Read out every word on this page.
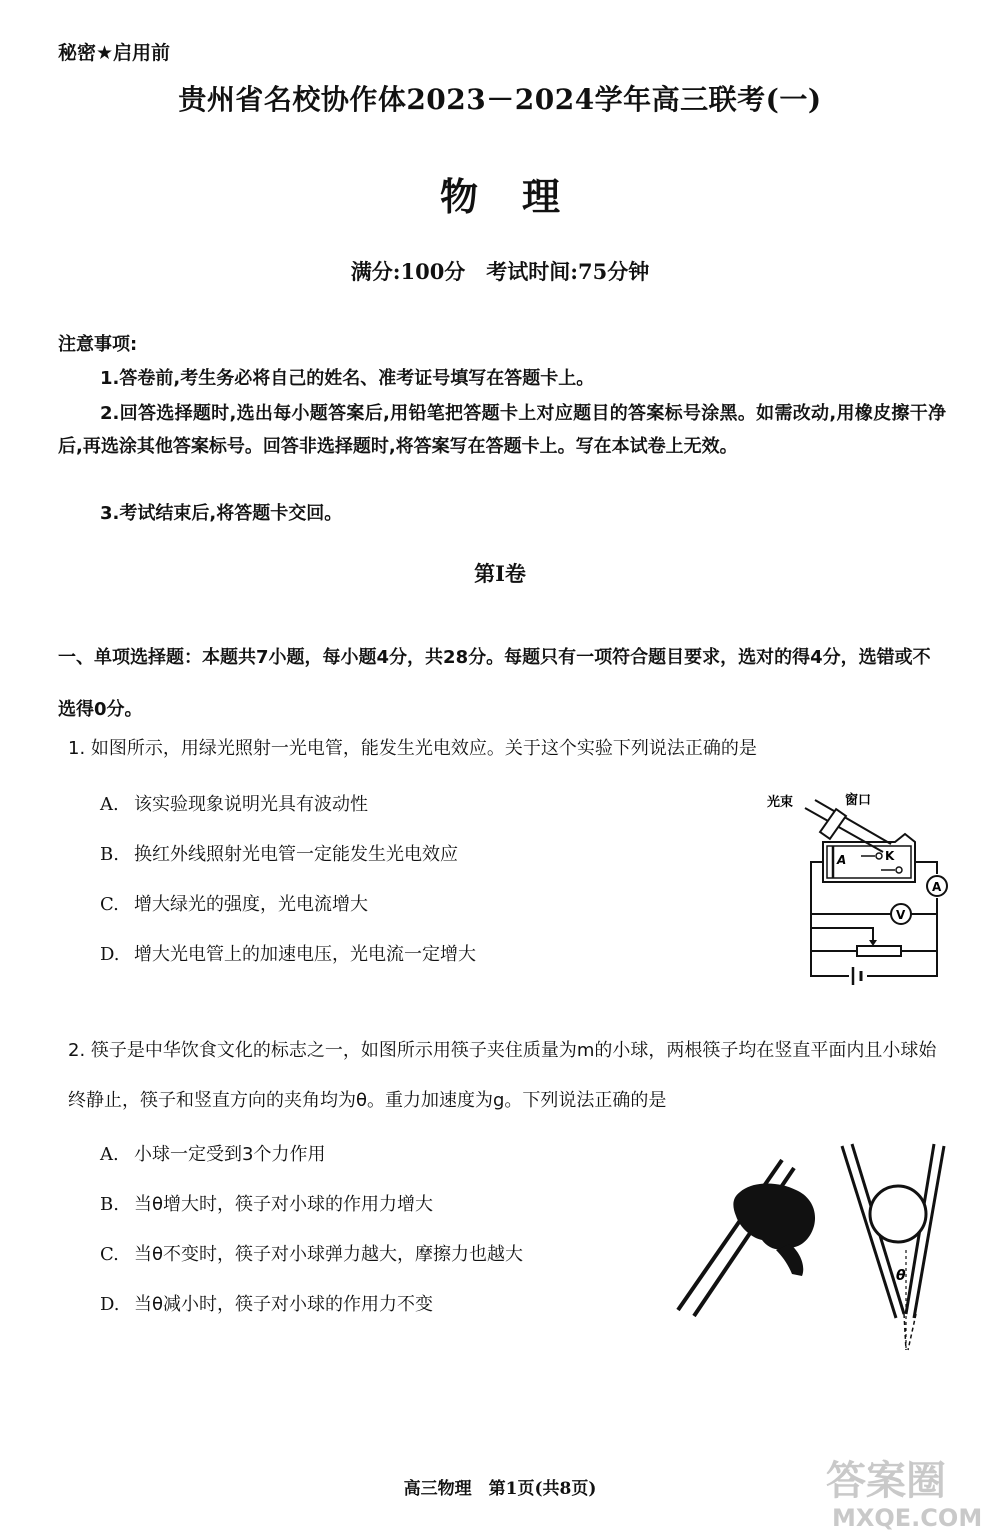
秘密★启用前
贵州省名校协作体2023－2024学年高三联考(一)
物理
满分:100分　考试时间:75分钟
注意事项:
1.答卷前,考生务必将自己的姓名、准考证号填写在答题卡上。
2.回答选择题时,选出每小题答案后,用铅笔把答题卡上对应题目的答案标号涂黑。如需改动,用橡皮擦干净后,再选涂其他答案标号。回答非选择题时,将答案写在答题卡上。写在本试卷上无效。
3.考试结束后,将答题卡交回。
第Ⅰ卷
一、单项选择题：本题共7小题，每小题4分，共28分。每题只有一项符合题目要求，选对的得4分，选错或不选得0分。
1. 如图所示，用绿光照射一光电管，能发生光电效应。关于这个实验下列说法正确的是
A. 该实验现象说明光具有波动性
B. 换红外线照射光电管一定能发生光电效应
C. 增大绿光的强度，光电流增大
D. 增大光电管上的加速电压，光电流一定增大
光束	窗口
A	K
A
V
2. 筷子是中华饮食文化的标志之一，如图所示用筷子夹住质量为m的小球，两根筷子均在竖直平面内且小球始终静止，筷子和竖直方向的夹角均为θ。重力加速度为g。下列说法正确的是
A. 小球一定受到3个力作用
B. 当θ增大时，筷子对小球的作用力增大
C. 当θ不变时，筷子对小球弹力越大，摩擦力也越大
D. 当θ减小时，筷子对小球的作用力不变
θ
高三物理　第1页(共8页)	答案圈
MXQE.COM
